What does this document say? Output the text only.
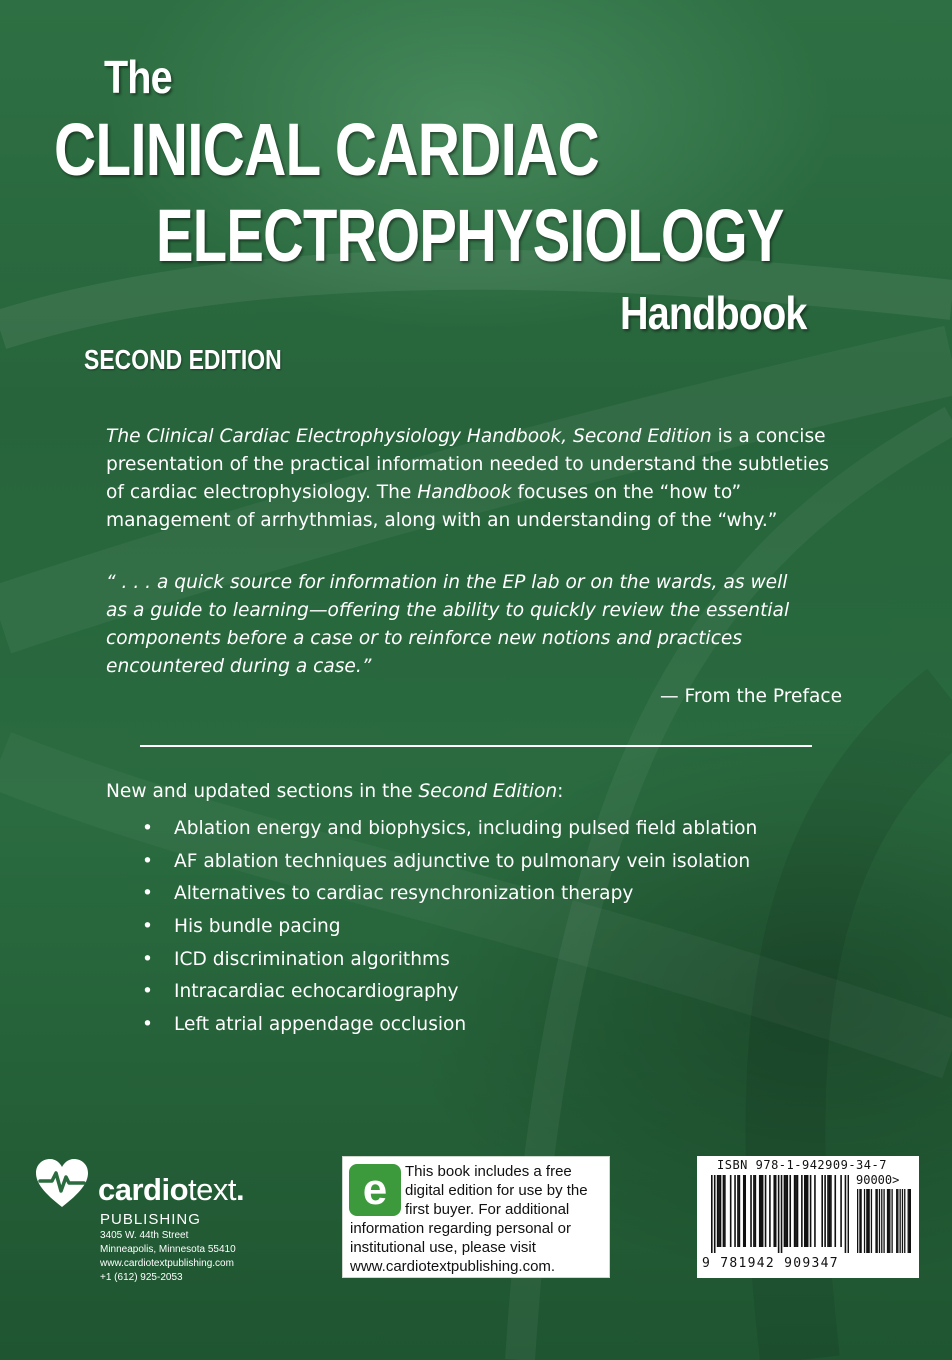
The
CLINICAL CARDIAC
ELECTROPHYSIOLOGY
Handbook
SECOND EDITION
The Clinical Cardiac Electrophysiology Handbook, Second Edition is a concise
presentation of the practical information needed to understand the subtleties
of cardiac electrophysiology. The Handbook focuses on the “how to”
management of arrhythmias, along with an understanding of the “why.”
“ . . . a quick source for information in the EP lab or on the wards, as well
as a guide to learning—offering the ability to quickly review the essential
components before a case or to reinforce new notions and practices
encountered during a case.”
— From the Preface
New and updated sections in the Second Edition:
• Ablation energy and biophysics, including pulsed field ablation
• AF ablation techniques adjunctive to pulmonary vein isolation
• Alternatives to cardiac resynchronization therapy
• His bundle pacing
• ICD discrimination algorithms
• Intracardiac echocardiography
• Left atrial appendage occlusion
cardiotext.
PUBLISHING
3405 W. 44th Street
Minneapolis, Minnesota 55410
www.cardiotextpublishing.com
+1 (612) 925-2053
e This book includes a free digital edition for use by the first buyer. For additional
information regarding personal or institutional use, please visit www.cardiotextpublishing.com.
ISBN 978-1-942909-34-7
90000>
9 781942 909347
